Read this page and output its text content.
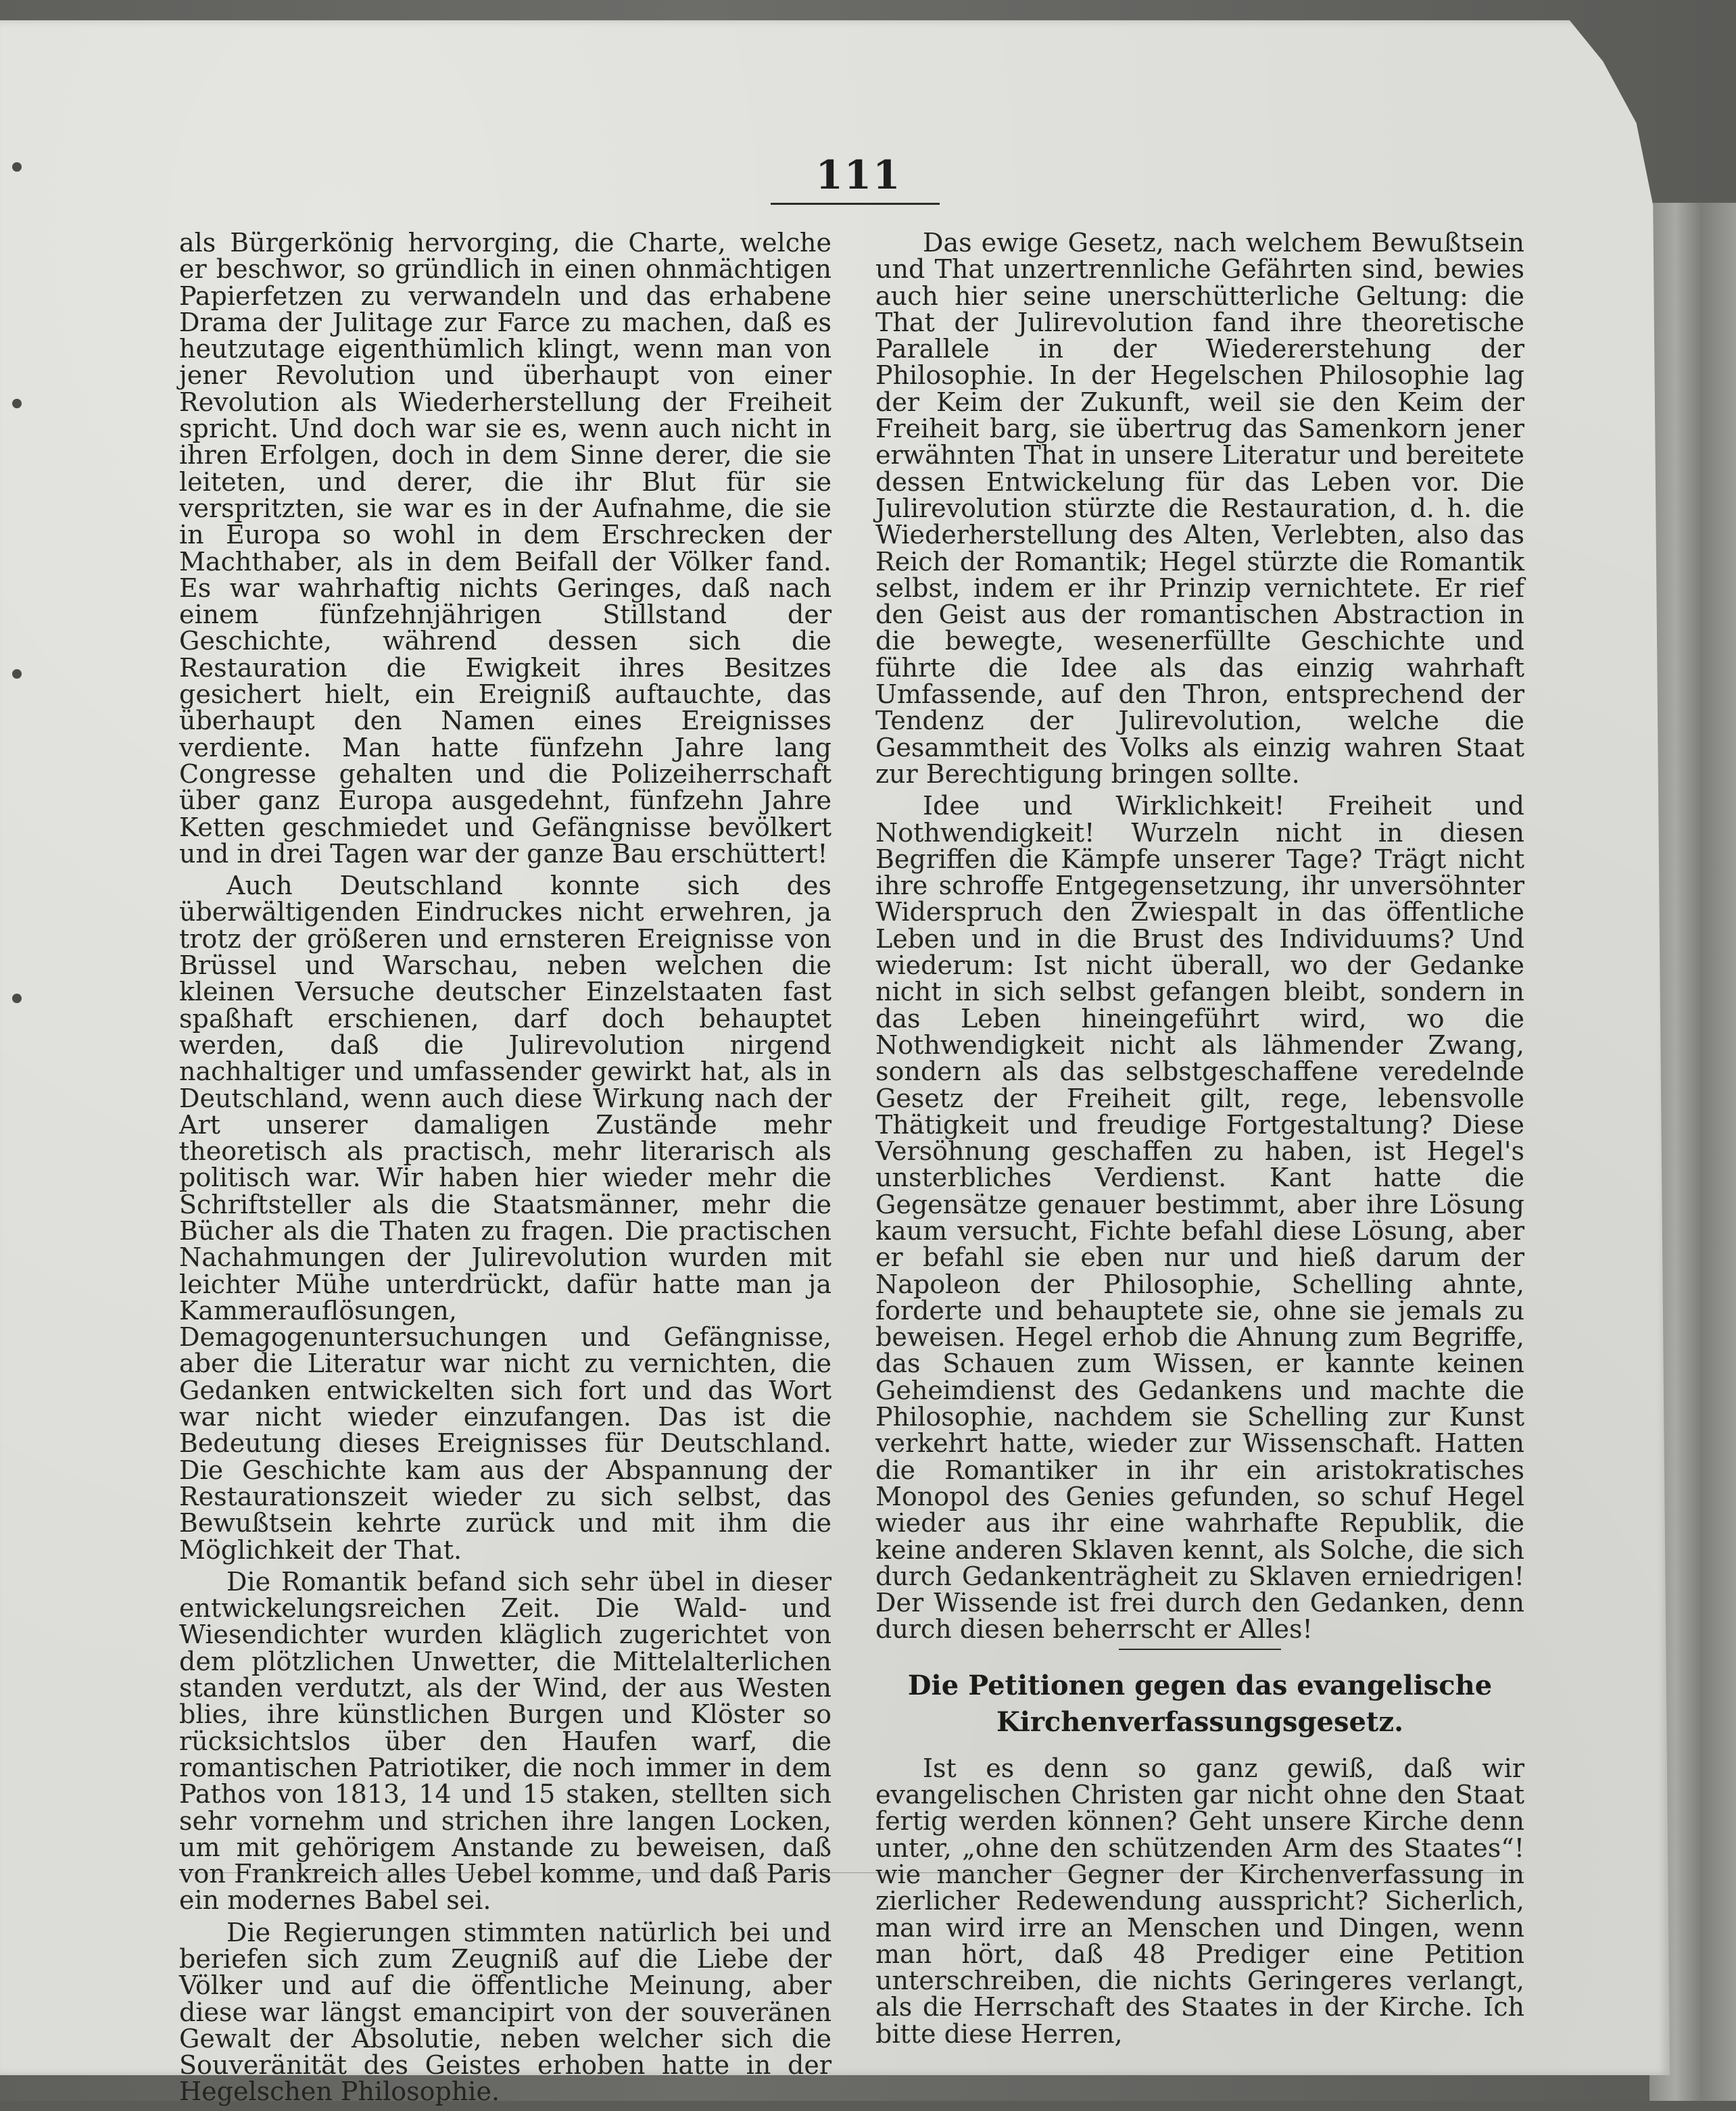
111

als Bürgerkönig hervorging, die Charte, welche er beschwor, so gründlich in einen ohnmächtigen Papierfetzen zu verwandeln und das erhabene Drama der Julitage zur Farce zu machen, daß es heutzutage eigenthümlich klingt, wenn man von jener Revolution und überhaupt von einer Revolution als Wiederherstellung der Freiheit spricht. Und doch war sie es, wenn auch nicht in ihren Erfolgen, doch in dem Sinne derer, die sie leiteten, und derer, die ihr Blut für sie verspritzten, sie war es in der Aufnahme, die sie in Europa so wohl in dem Erschrecken der Machthaber, als in dem Beifall der Völker fand. Es war wahrhaftig nichts Geringes, daß nach einem fünfzehnjährigen Stillstand der Geschichte, während dessen sich die Restauration die Ewigkeit ihres Besitzes gesichert hielt, ein Ereigniß auftauchte, das überhaupt den Namen eines Ereignisses verdiente. Man hatte fünfzehn Jahre lang Congresse gehalten und die Polizeiherrschaft über ganz Europa ausgedehnt, fünfzehn Jahre Ketten geschmiedet und Gefängnisse bevölkert und in drei Tagen war der ganze Bau erschüttert!

Auch Deutschland konnte sich des überwältigenden Eindruckes nicht erwehren, ja trotz der größeren und ernsteren Ereignisse von Brüssel und Warschau, neben welchen die kleinen Versuche deutscher Einzelstaaten fast spaßhaft erschienen, darf doch behauptet werden, daß die Julirevolution nirgend nachhaltiger und umfassender gewirkt hat, als in Deutschland, wenn auch diese Wirkung nach der Art unserer damaligen Zustände mehr theoretisch als practisch, mehr literarisch als politisch war. Wir haben hier wieder mehr die Schriftsteller als die Staatsmänner, mehr die Bücher als die Thaten zu fragen. Die practischen Nachahmungen der Julirevolution wurden mit leichter Mühe unterdrückt, dafür hatte man ja Kammerauflösungen, Demagogenuntersuchungen und Gefängnisse, aber die Literatur war nicht zu vernichten, die Gedanken entwickelten sich fort und das Wort war nicht wieder einzufangen. Das ist die Bedeutung dieses Ereignisses für Deutschland. Die Geschichte kam aus der Abspannung der Restaurationszeit wieder zu sich selbst, das Bewußtsein kehrte zurück und mit ihm die Möglichkeit der That.

Die Romantik befand sich sehr übel in dieser entwickelungsreichen Zeit. Die Wald- und Wiesendichter wurden kläglich zugerichtet von dem plötzlichen Unwetter, die Mittelalterlichen standen verdutzt, als der Wind, der aus Westen blies, ihre künstlichen Burgen und Klöster so rücksichtslos über den Haufen warf, die romantischen Patriotiker, die noch immer in dem Pathos von 1813, 14 und 15 staken, stellten sich sehr vornehm und strichen ihre langen Locken, um mit gehörigem Anstande zu beweisen, daß von Frankreich alles Uebel komme, und daß Paris ein modernes Babel sei.

Die Regierungen stimmten natürlich bei und beriefen sich zum Zeugniß auf die Liebe der Völker und auf die öffentliche Meinung, aber diese war längst emancipirt von der souveränen Gewalt der Absolutie, neben welcher sich die Souveränität des Geistes erhoben hatte in der Hegelschen Philosophie.

Das ewige Gesetz, nach welchem Bewußtsein und That unzertrennliche Gefährten sind, bewies auch hier seine unerschütterliche Geltung: die That der Julirevolution fand ihre theoretische Parallele in der Wiedererstehung der Philosophie. In der Hegelschen Philosophie lag der Keim der Zukunft, weil sie den Keim der Freiheit barg, sie übertrug das Samenkorn jener erwähnten That in unsere Literatur und bereitete dessen Entwickelung für das Leben vor. Die Julirevolution stürzte die Restauration, d. h. die Wiederherstellung des Alten, Verlebten, also das Reich der Romantik; Hegel stürzte die Romantik selbst, indem er ihr Prinzip vernichtete. Er rief den Geist aus der romantischen Abstraction in die bewegte, wesenerfüllte Geschichte und führte die Idee als das einzig wahrhaft Umfassende, auf den Thron, entsprechend der Tendenz der Julirevolution, welche die Gesammtheit des Volks als einzig wahren Staat zur Berechtigung bringen sollte.

Idee und Wirklichkeit! Freiheit und Nothwendigkeit! Wurzeln nicht in diesen Begriffen die Kämpfe unserer Tage? Trägt nicht ihre schroffe Entgegensetzung, ihr unversöhnter Widerspruch den Zwiespalt in das öffentliche Leben und in die Brust des Individuums? Und wiederum: Ist nicht überall, wo der Gedanke nicht in sich selbst gefangen bleibt, sondern in das Leben hineingeführt wird, wo die Nothwendigkeit nicht als lähmender Zwang, sondern als das selbstgeschaffene veredelnde Gesetz der Freiheit gilt, rege, lebensvolle Thätigkeit und freudige Fortgestaltung? Diese Versöhnung geschaffen zu haben, ist Hegel's unsterbliches Verdienst. Kant hatte die Gegensätze genauer bestimmt, aber ihre Lösung kaum versucht, Fichte befahl diese Lösung, aber er befahl sie eben nur und hieß darum der Napoleon der Philosophie, Schelling ahnte, forderte und behauptete sie, ohne sie jemals zu beweisen. Hegel erhob die Ahnung zum Begriffe, das Schauen zum Wissen, er kannte keinen Geheimdienst des Gedankens und machte die Philosophie, nachdem sie Schelling zur Kunst verkehrt hatte, wieder zur Wissenschaft. Hatten die Romantiker in ihr ein aristokratisches Monopol des Genies gefunden, so schuf Hegel wieder aus ihr eine wahrhafte Republik, die keine anderen Sklaven kennt, als Solche, die sich durch Gedankenträgheit zu Sklaven erniedrigen! Der Wissende ist frei durch den Gedanken, denn durch diesen beherrscht er Alles!

Die Petitionen gegen das evangelische
Kirchenverfassungsgesetz.

Ist es denn so ganz gewiß, daß wir evangelischen Christen gar nicht ohne den Staat fertig werden können? Geht unsere Kirche denn unter, „ohne den schützenden Arm des Staates“! wie mancher Gegner der Kirchenverfassung in zierlicher Redewendung ausspricht? Sicherlich, man wird irre an Menschen und Dingen, wenn man hört, daß 48 Prediger eine Petition unterschreiben, die nichts Geringeres verlangt, als die Herrschaft des Staates in der Kirche. Ich bitte diese Herren,
